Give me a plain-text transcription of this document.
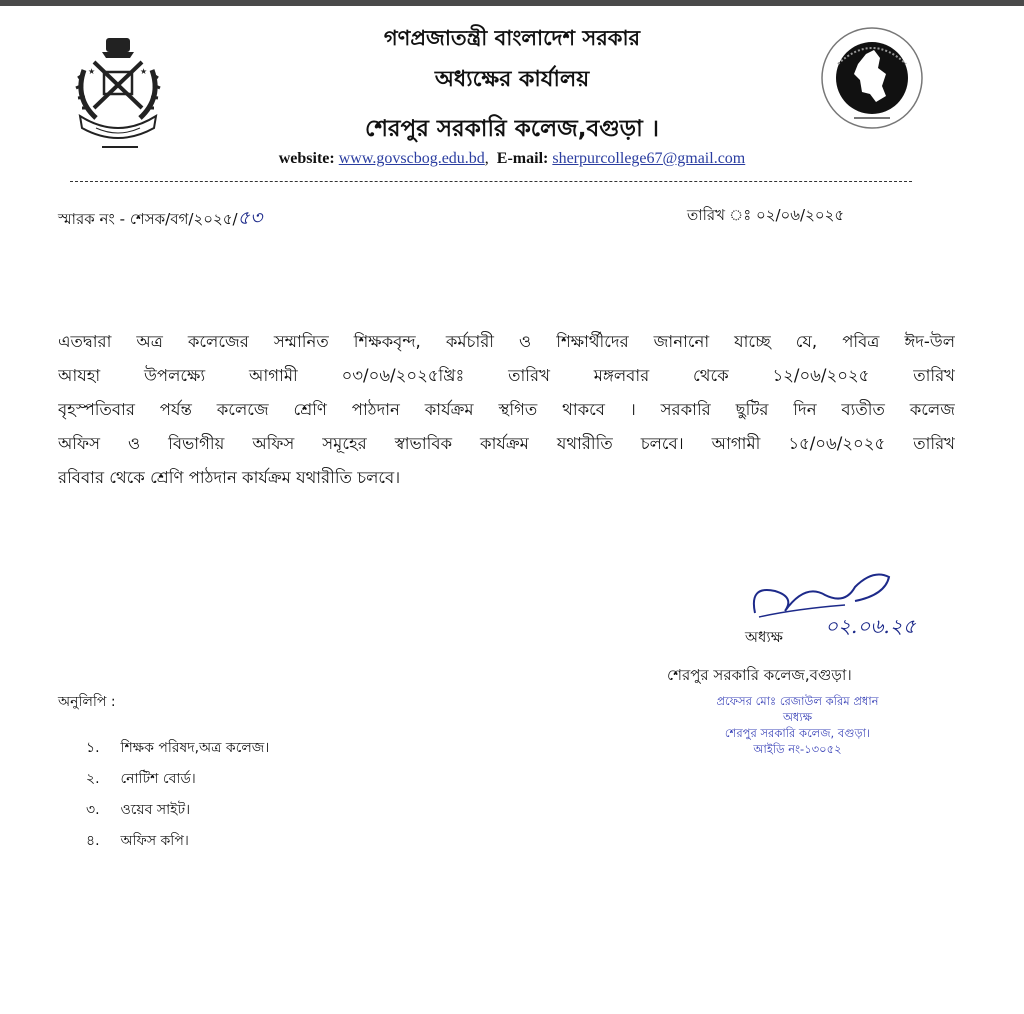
★	★
গণপ্রজাতন্ত্রী বাংলাদেশ সরকার
অধ্যক্ষের কার্যালয়
শেরপুর সরকারি কলেজ,বগুড়া ।
website: www.govscbog.edu.bd,  E-mail: sherpurcollege67@gmail.com
স্মারক নং - শেসক/বগ/২০২৫/৫৩	তারিখ ঃ ০২/০৬/২০২৫
এতদ্বারা অত্র কলেজের সম্মানিত শিক্ষকবৃন্দ, কর্মচারী ও শিক্ষার্থীদের জানানো যাচ্ছে যে, পবিত্র ঈদ-উল
আযহা উপলক্ষ্যে আগামী ০৩/০৬/২০২৫খ্রিঃ তারিখ মঙ্গলবার থেকে ১২/০৬/২০২৫ তারিখ
বৃহস্পতিবার পর্যন্ত কলেজে শ্রেণি পাঠদান কার্যক্রম স্থগিত থাকবে । সরকারি ছুটির দিন ব্যতীত কলেজ
অফিস ও বিভাগীয় অফিস সমূহের স্বাভাবিক কার্যক্রম যথারীতি চলবে। আগামী ১৫/০৬/২০২৫ তারিখ
রবিবার থেকে শ্রেণি পাঠদান কার্যক্রম যথারীতি চলবে।
০২.০৬.২৫
অধ্যক্ষ
শেরপুর সরকারি কলেজ,বগুড়া।
প্রফেসর মোঃ রেজাউল করিম প্রধান
অধ্যক্ষ
শেরপুর সরকারি কলেজ, বগুড়া।
আইডি নং-১৩০৫২
অনুলিপি :
১. শিক্ষক পরিষদ,অত্র কলেজ।
২. নোটিশ বোর্ড।
৩. ওয়েব সাইট।
৪. অফিস কপি।
